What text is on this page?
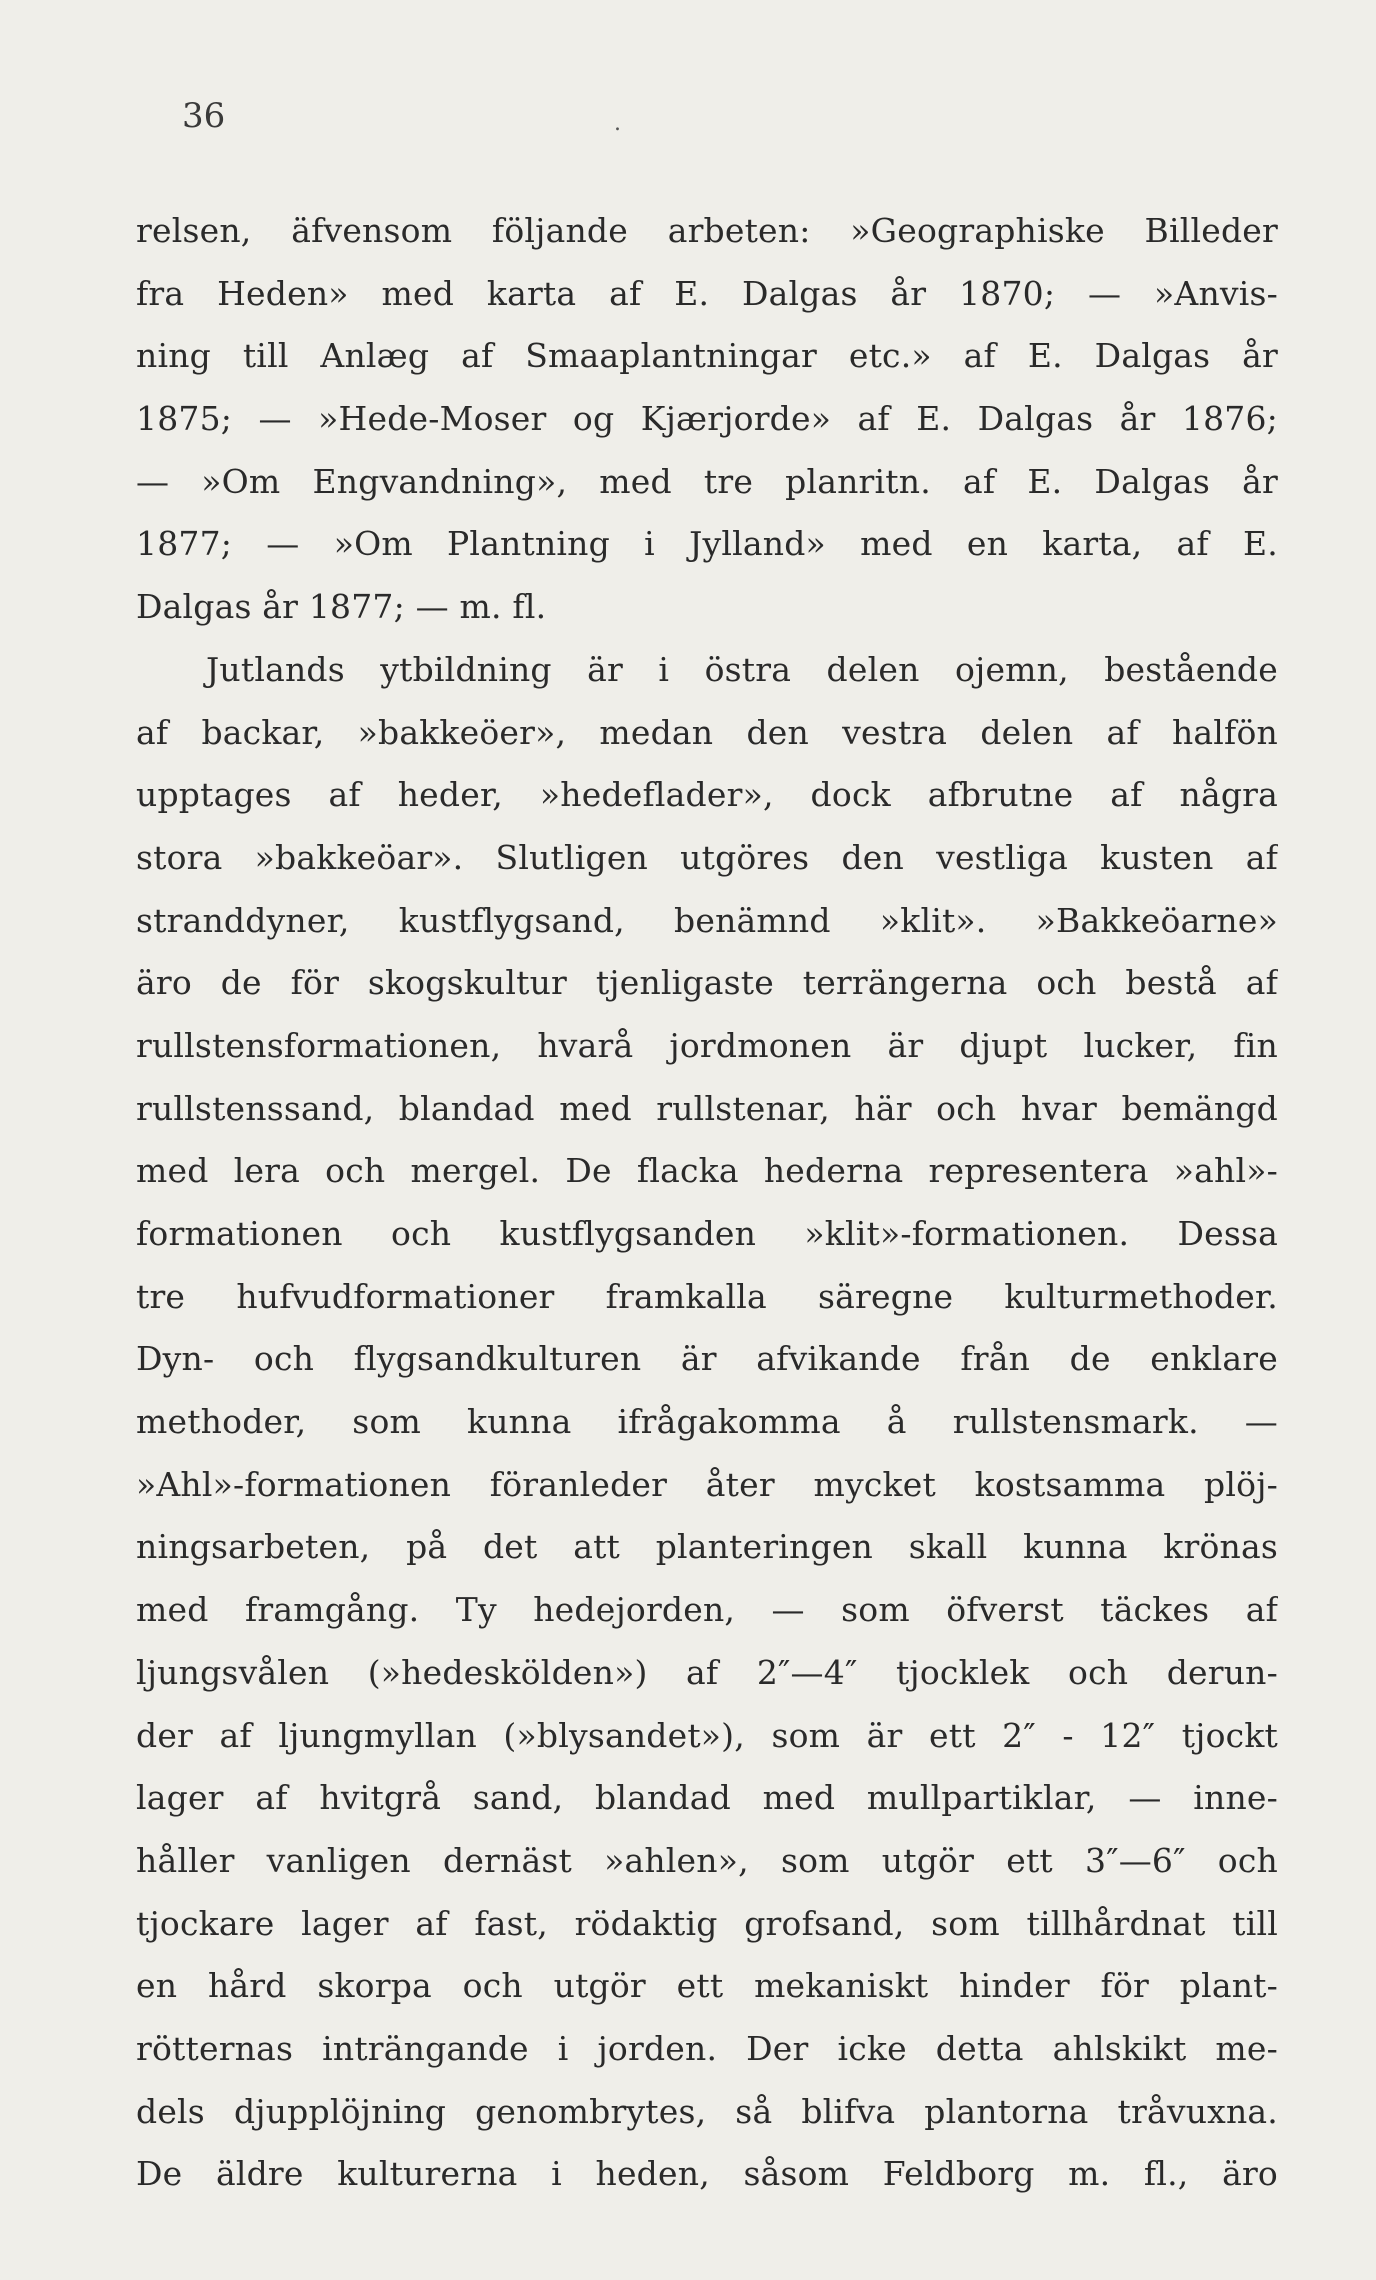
36	.
relsen, äfvensom följande arbeten: »Geographiske Billeder
fra Heden» med karta af E. Dalgas år 1870; — »Anvis-
ning till Anlæg af Smaaplantningar etc.» af E. Dalgas år
1875; — »Hede-Moser og Kjærjorde» af E. Dalgas år 1876;
— »Om Engvandning», med tre planritn. af E. Dalgas år
1877; — »Om Plantning i Jylland» med en karta, af E.
Dalgas år 1877; — m. fl.
Jutlands ytbildning är i östra delen ojemn, bestående
af backar, »bakkeöer», medan den vestra delen af halfön
upptages af heder, »hedeflader», dock afbrutne af några
stora »bakkeöar». Slutligen utgöres den vestliga kusten af
stranddyner, kustflygsand, benämnd »klit». »Bakkeöarne»
äro de för skogskultur tjenligaste terrängerna och bestå af
rullstensformationen, hvarå jordmonen är djupt lucker, fin
rullstenssand, blandad med rullstenar, här och hvar bemängd
med lera och mergel. De flacka hederna representera »ahl»-
formationen och kustflygsanden »klit»-formationen. Dessa
tre hufvudformationer framkalla säregne kulturmethoder.
Dyn- och flygsandkulturen är afvikande från de enklare
methoder, som kunna ifrågakomma å rullstensmark. —
»Ahl»-formationen föranleder åter mycket kostsamma plöj-
ningsarbeten, på det att planteringen skall kunna krönas
med framgång. Ty hedejorden, — som öfverst täckes af
ljungsvålen (»hedeskölden») af 2″—4″ tjocklek och derun-
der af ljungmyllan (»blysandet»), som är ett 2″ - 12″ tjockt
lager af hvitgrå sand, blandad med mullpartiklar, — inne-
håller vanligen dernäst »ahlen», som utgör ett 3″—6″ och
tjockare lager af fast, rödaktig grofsand, som tillhårdnat till
en hård skorpa och utgör ett mekaniskt hinder för plant-
rötternas inträngande i jorden. Der icke detta ahlskikt me-
dels djupplöjning genombrytes, så blifva plantorna tråvuxna.
De äldre kulturerna i heden, såsom Feldborg m. fl., äro
